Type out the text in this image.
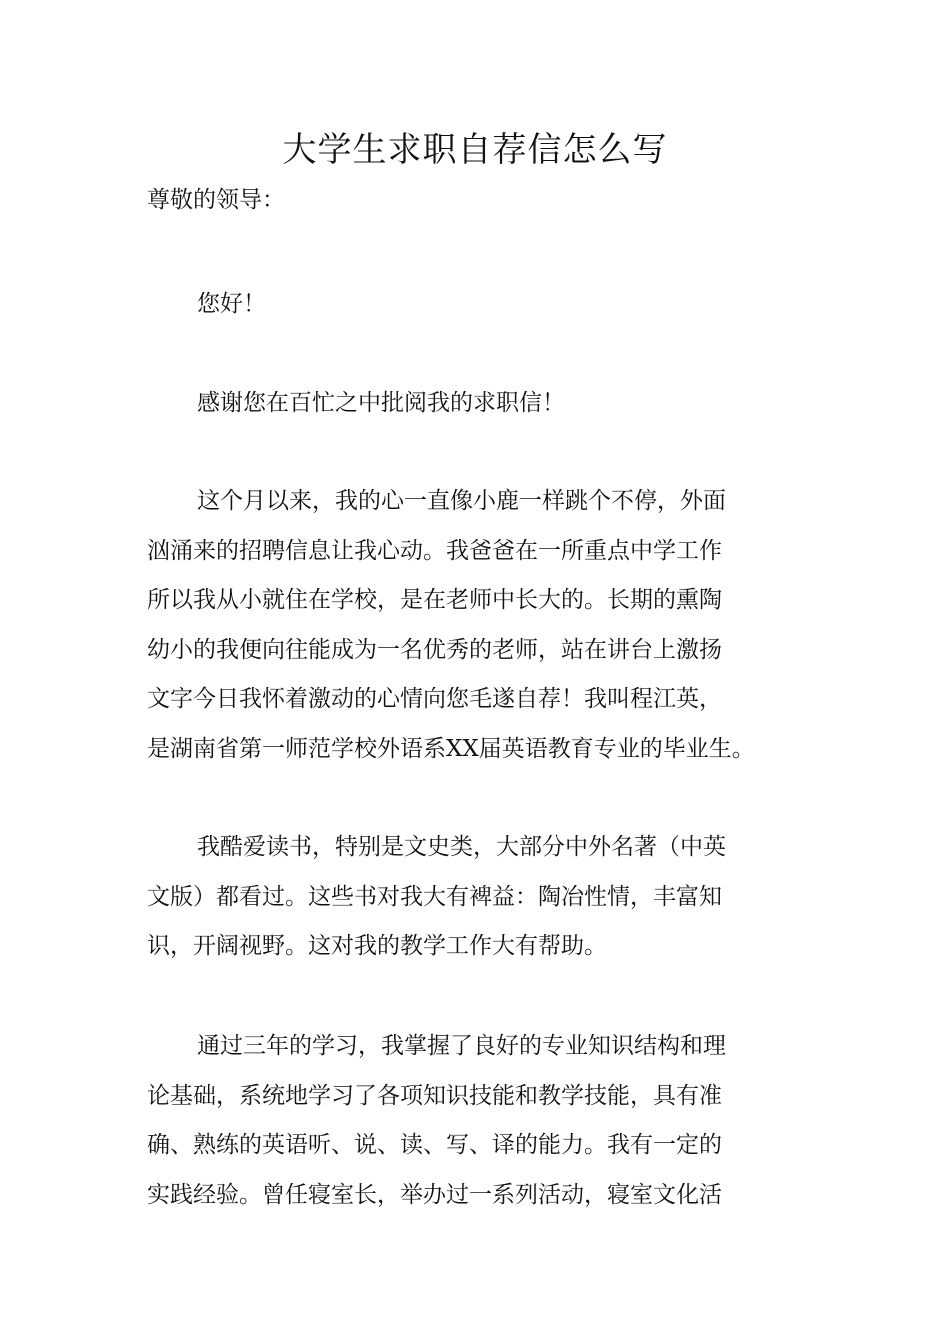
大学生求职自荐信怎么写

尊敬的领导：

您好！
感谢您在百忙之中批阅我的求职信！
这个月以来，我的心一直像小鹿一样跳个不停，外面
汹涌来的招聘信息让我心动。我爸爸在一所重点中学工作
所以我从小就住在学校，是在老师中长大的。长期的熏陶
幼小的我便向往能成为一名优秀的老师，站在讲台上激扬
文字今日我怀着激动的心情向您毛遂自荐！我叫程江英，
是湖南省第一师范学校外语系XX届英语教育专业的毕业生。
我酷爱读书，特别是文史类，大部分中外名著（中英
文版）都看过。这些书对我大有裨益：陶冶性情，丰富知
识，开阔视野。这对我的教学工作大有帮助。
通过三年的学习，我掌握了良好的专业知识结构和理
论基础，系统地学习了各项知识技能和教学技能，具有准
确、熟练的英语听、说、读、写、译的能力。我有一定的
实践经验。曾任寝室长，举办过一系列活动，寝室文化活
